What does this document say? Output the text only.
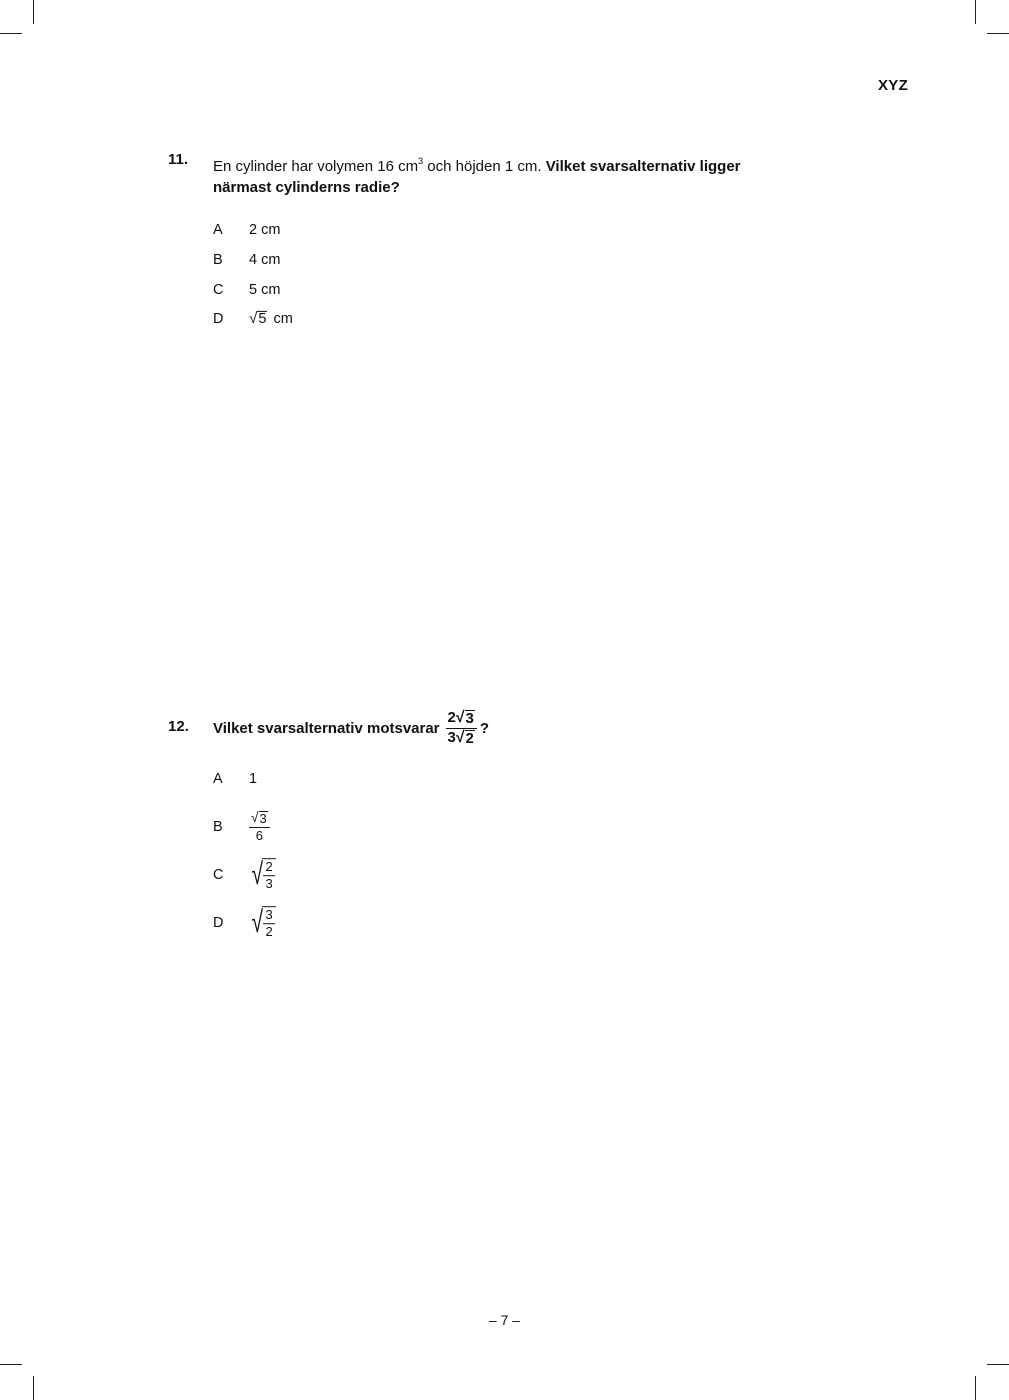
XYZ
11. En cylinder har volymen 16 $cm^3$ och höjden 1 cm. Vilket svarsalternativ ligger närmast cylinderns radie?
A 2 cm
B 4 cm
C 5 cm
D √ 5 cm
12. Vilket svarsalternativ motsvarar $\frac{2 √ 3}{3 √ 2}$ ?
A 1
B $\frac{√ 3}{6}$
C √ $\frac{2}{3}$
D √ $\frac{3}{2}$
– 7 –
